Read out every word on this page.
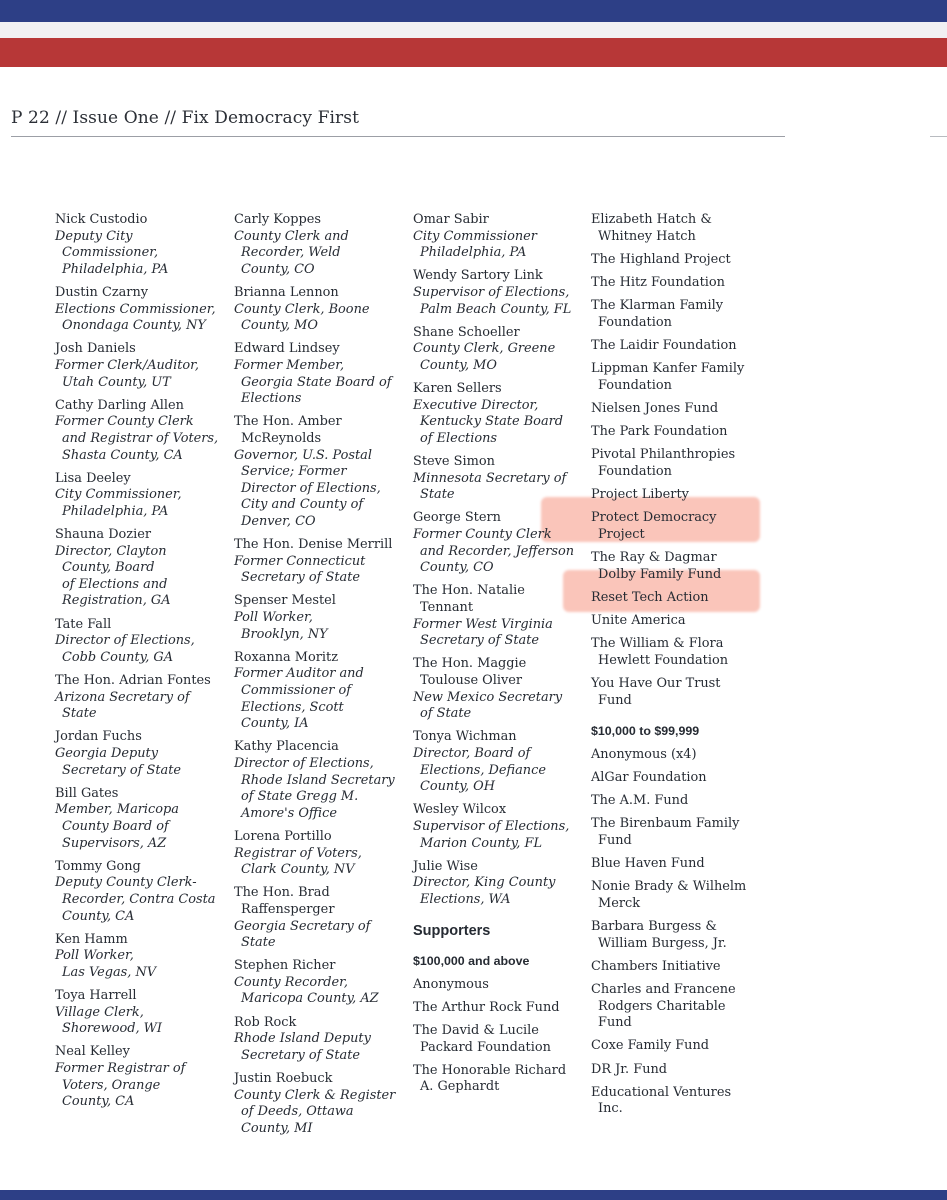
P 22 // Issue One // Fix Democracy First
Nick Custodio
Deputy City
Commissioner,
Philadelphia, PA
Dustin Czarny
Elections Commissioner,
Onondaga County, NY
Josh Daniels
Former Clerk/Auditor,
Utah County, UT
Cathy Darling Allen
Former County Clerk
and Registrar of Voters,
Shasta County, CA
Lisa Deeley
City Commissioner,
Philadelphia, PA
Shauna Dozier
Director, Clayton
County, Board
of Elections and
Registration, GA
Tate Fall
Director of Elections,
Cobb County, GA
The Hon. Adrian Fontes
Arizona Secretary of
State
Jordan Fuchs
Georgia Deputy
Secretary of State
Bill Gates
Member, Maricopa
County Board of
Supervisors, AZ
Tommy Gong
Deputy County Clerk-
Recorder, Contra Costa
County, CA
Ken Hamm
Poll Worker,
Las Vegas, NV
Toya Harrell
Village Clerk,
Shorewood, WI
Neal Kelley
Former Registrar of
Voters, Orange
County, CA
Carly Koppes
County Clerk and
Recorder, Weld
County, CO
Brianna Lennon
County Clerk, Boone
County, MO
Edward Lindsey
Former Member,
Georgia State Board of
Elections
The Hon. Amber
McReynolds
Governor, U.S. Postal
Service; Former
Director of Elections,
City and County of
Denver, CO
The Hon. Denise Merrill
Former Connecticut
Secretary of State
Spenser Mestel
Poll Worker,
Brooklyn, NY
Roxanna Moritz
Former Auditor and
Commissioner of
Elections, Scott
County, IA
Kathy Placencia
Director of Elections,
Rhode Island Secretary
of State Gregg M.
Amore's Office
Lorena Portillo
Registrar of Voters,
Clark County, NV
The Hon. Brad
Raffensperger
Georgia Secretary of
State
Stephen Richer
County Recorder,
Maricopa County, AZ
Rob Rock
Rhode Island Deputy
Secretary of State
Justin Roebuck
County Clerk & Register
of Deeds, Ottawa
County, MI
Omar Sabir
City Commissioner
Philadelphia, PA
Wendy Sartory Link
Supervisor of Elections,
Palm Beach County, FL
Shane Schoeller
County Clerk, Greene
County, MO
Karen Sellers
Executive Director,
Kentucky State Board
of Elections
Steve Simon
Minnesota Secretary of
State
George Stern
Former County Clerk
and Recorder, Jefferson
County, CO
The Hon. Natalie
Tennant
Former West Virginia
Secretary of State
The Hon. Maggie
Toulouse Oliver
New Mexico Secretary
of State
Tonya Wichman
Director, Board of
Elections, Defiance
County, OH
Wesley Wilcox
Supervisor of Elections,
Marion County, FL
Julie Wise
Director, King County
Elections, WA
Supporters
$100,000 and above
Anonymous
The Arthur Rock Fund
The David & Lucile
Packard Foundation
The Honorable Richard
A. Gephardt
Elizabeth Hatch &
Whitney Hatch
The Highland Project
The Hitz Foundation
The Klarman Family
Foundation
The Laidir Foundation
Lippman Kanfer Family
Foundation
Nielsen Jones Fund
The Park Foundation
Pivotal Philanthropies
Foundation
Project Liberty
Protect Democracy
Project
The Ray & Dagmar
Dolby Family Fund
Reset Tech Action
Unite America
The William & Flora
Hewlett Foundation
You Have Our Trust
Fund
$10,000 to $99,999
Anonymous (x4)
AlGar Foundation
The A.M. Fund
The Birenbaum Family
Fund
Blue Haven Fund
Nonie Brady & Wilhelm
Merck
Barbara Burgess &
William Burgess, Jr.
Chambers Initiative
Charles and Francene
Rodgers Charitable
Fund
Coxe Family Fund
DR Jr. Fund
Educational Ventures
Inc.
